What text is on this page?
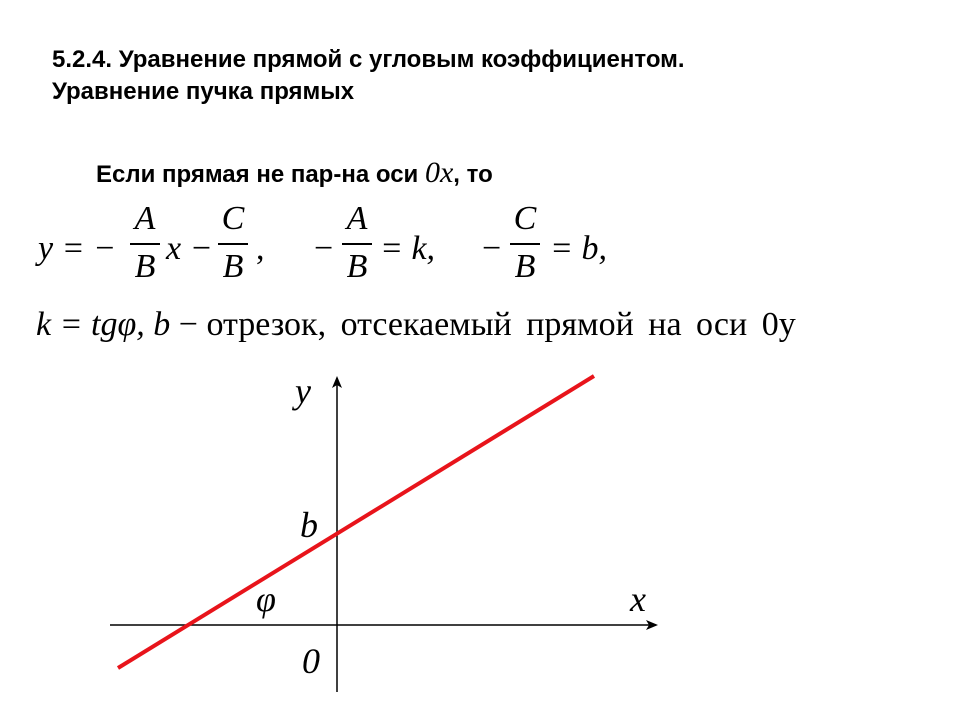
5.2.4. Уравнение прямой с угловым коэффициентом.
Уравнение пучка прямых
Если прямая не пар-на оси 0x, то
y = −
A
B x −
C
B , −
A
B = k, −
C
B = b,
k = tgφ, b − отрезок, отсекаемый прямой на оси 0у
y
x
b
φ
0
